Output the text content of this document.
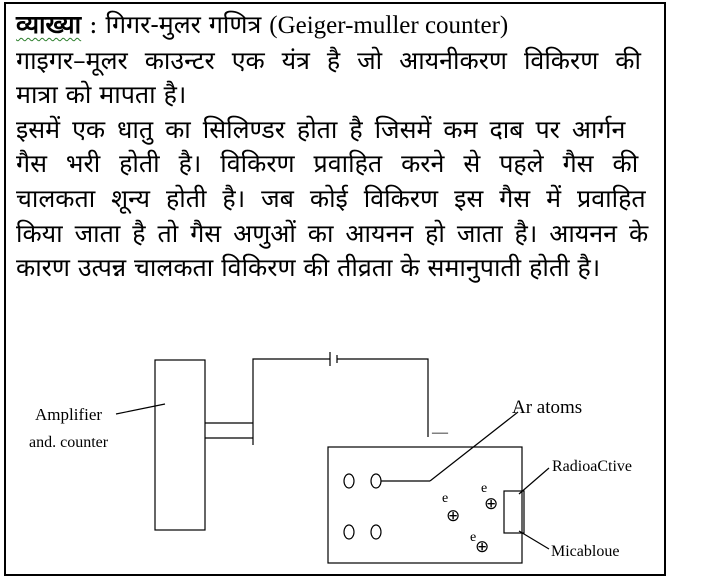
व्याख्या : गिगर-मुलर गणित्र (Geiger-muller counter)
गाइगर–मूलर काउन्टर एक यंत्र है जो आयनीकरण विकिरण की
मात्रा को मापता है।
इसमें एक धातु का सिलिण्डर होता है जिसमें कम दाब पर आर्गन
गैस भरी होती है। विकिरण प्रवाहित करने से पहले गैस की
चालकता शून्य होती है। जब कोई विकिरण इस गैस में प्रवाहित
किया जाता है तो गैस अणुओं का आयनन हो जाता है। आयनन के
कारण उत्पन्न चालकता विकिरण की तीव्रता के समानुपाती होती है।
—
e
⊕
e
⊕
e
⊕
Amplifier
and. counter
Ar atoms
RadioaCtive
Micabloue
